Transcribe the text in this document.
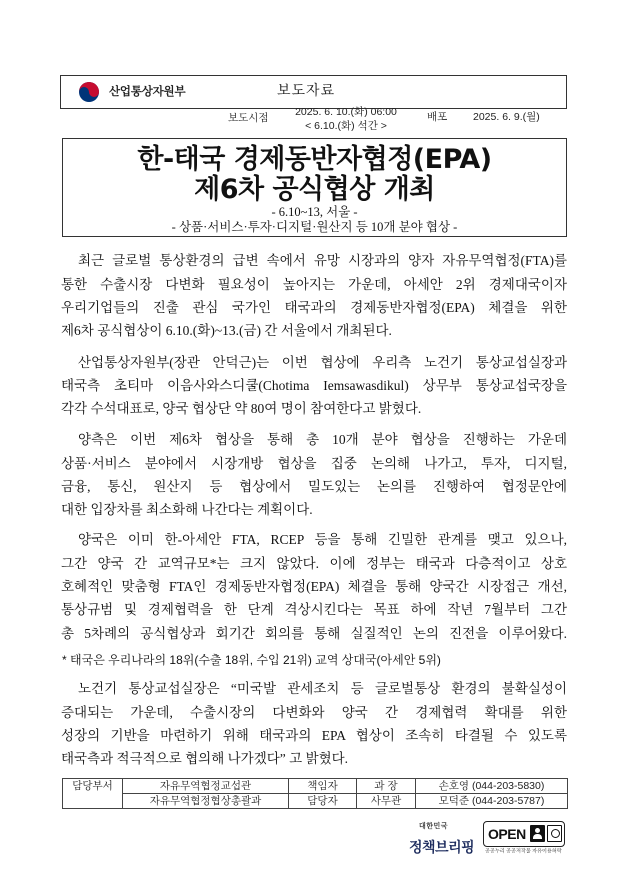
산업통상자원부	보도자료
보도시점	2025. 6. 10.(화) 06:00
< 6.10.(화) 석간 >
배포 2025. 6. 9.(월)
한-태국 경제동반자협정(EPA)
제6차 공식협상 개최
- 6.10~13, 서울 -
- 상품·서비스·투자·디지털·원산지 등 10개 분야 협상 -
최근 글로벌 통상환경의 급변 속에서 유망 시장과의 양자 자유무역협정(FTA)를
통한 수출시장 다변화 필요성이 높아지는 가운데, 아세안 2위 경제대국이자
우리기업들의 진출 관심 국가인 태국과의 경제동반자협정(EPA) 체결을 위한
제6차 공식협상이 6.10.(화)~13.(금) 간 서울에서 개최된다.
산업통상자원부(장관 안덕근)는 이번 협상에 우리측 노건기 통상교섭실장과
태국측 초티마 이음사와스디쿨(Chotima Iemsawasdikul) 상무부 통상교섭국장을
각각 수석대표로, 양국 협상단 약 80여 명이 참여한다고 밝혔다.
양측은 이번 제6차 협상을 통해 총 10개 분야 협상을 진행하는 가운데
상품·서비스 분야에서 시장개방 협상을 집중 논의해 나가고, 투자, 디지털,
금융, 통신, 원산지 등 협상에서 밀도있는 논의를 진행하여 협정문안에
대한 입장차를 최소화해 나간다는 계획이다.
양국은 이미 한-아세안 FTA, RCEP 등을 통해 긴밀한 관계를 맺고 있으나,
그간 양국 간 교역규모*는 크지 않았다. 이에 정부는 태국과 다층적이고 상호
호혜적인 맞춤형 FTA인 경제동반자협정(EPA) 체결을 통해 양국간 시장접근 개선,
통상규범 및 경제협력을 한 단계 격상시킨다는 목표 하에 작년 7월부터 그간
총 5차례의 공식협상과 회기간 회의를 통해 실질적인 논의 진전을 이루어왔다.
* 태국은 우리나라의 18위(수출 18위, 수입 21위) 교역 상대국(아세안 5위)
노건기 통상교섭실장은 “미국발 관세조치 등 글로벌통상 환경의 불확실성이
증대되는 가운데, 수출시장의 다변화와 양국 간 경제협력 확대를 위한
성장의 기반을 마련하기 위해 태국과의 EPA 협상이 조속히 타결될 수 있도록
태국측과 적극적으로 협의해 나가겠다” 고 밝혔다.
담당부서	자유무역협정교섭관	책임자	과 장	손호영 (044-203-5830)
	자유무역협정협상총괄과	담당자	사무관	모덕준 (044-203-5787)
대한민국
정책브리핑
OPEN
공공누리 공공저작물 자유이용허락
